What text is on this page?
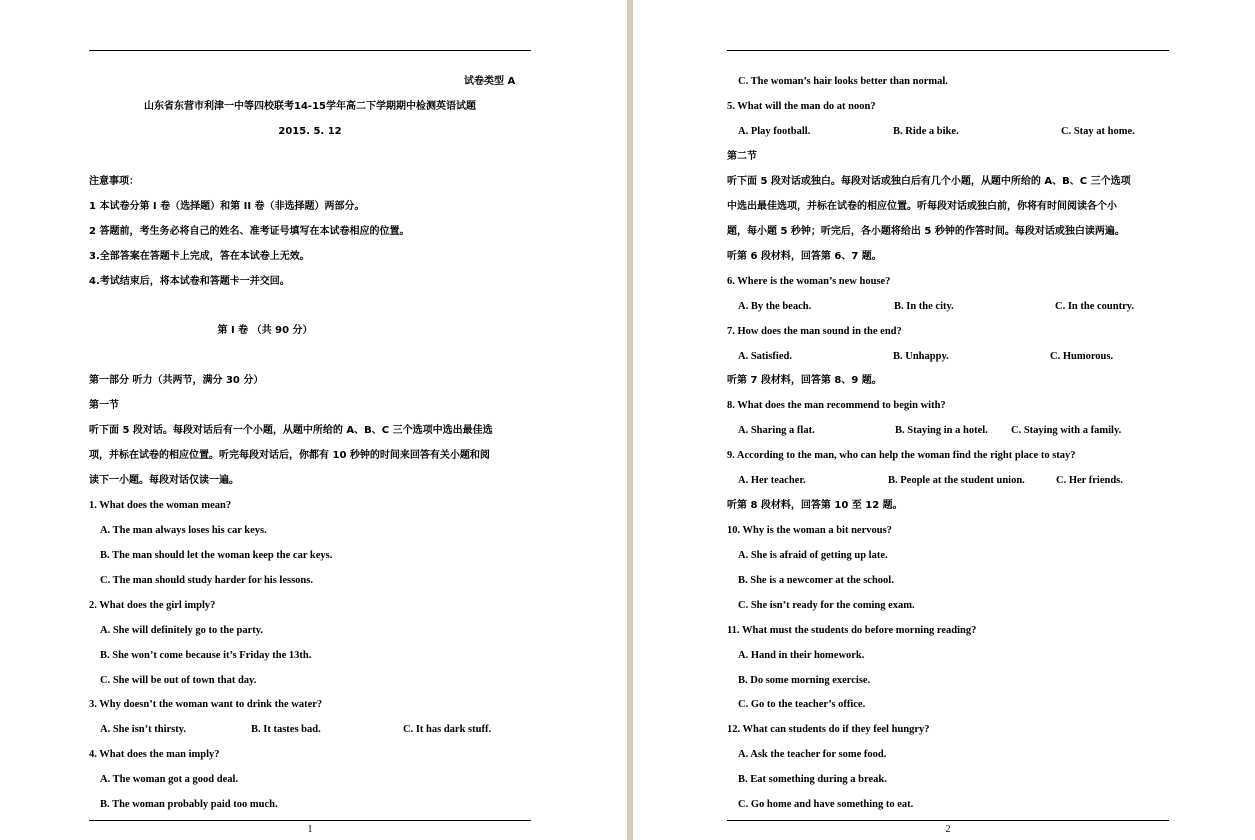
试卷类型 A
山东省东营市利津一中等四校联考14-15学年高二下学期期中检测英语试题
2015. 5. 12
注意事项：
1 本试卷分第 I 卷（选择题）和第 II 卷（非选择题）两部分。
2 答题前，考生务必将自己的姓名、准考证号填写在本试卷相应的位置。
3.全部答案在答题卡上完成，答在本试卷上无效。
4.考试结束后，将本试卷和答题卡一并交回。
第 I 卷 （共 90 分）
第一部分 听力（共两节，满分 30 分）
第一节
听下面 5 段对话。每段对话后有一个小题，从题中所给的 A、B、C 三个选项中选出最佳选
项，并标在试卷的相应位置。听完每段对话后，你都有 10 秒钟的时间来回答有关小题和阅
读下一小题。每段对话仅读一遍。
1. What does the woman mean?
A. The man always loses his car keys.
B. The man should let the woman keep the car keys.
C. The man should study harder for his lessons.
2. What does the girl imply?
A. She will definitely go to the party.
B. She won’t come because it’s Friday the 13th.
C. She will be out of town that day.
3. Why doesn’t the woman want to drink the water?
A. She isn’t thirsty.	B. It tastes bad.	C. It has dark stuff.
4. What does the man imply?
A. The woman got a good deal.
B. The woman probably paid too much.
1
C. The woman’s hair looks better than normal.
5. What will the man do at noon?
A. Play football.	B. Ride a bike.	C. Stay at home.
第二节
听下面 5 段对话或独白。每段对话或独白后有几个小题，从题中所给的 A、B、C 三个选项
中选出最佳选项，并标在试卷的相应位置。听每段对话或独白前，你将有时间阅读各个小
题，每小题 5 秒钟；听完后，各小题将给出 5 秒钟的作答时间。每段对话或独白读两遍。
听第 6 段材料，回答第 6、7 题。
6. Where is the woman’s new house?
A. By the beach.	B. In the city.	C. In the country.
7. How does the man sound in the end?
A. Satisfied.	B. Unhappy.	C. Humorous.
听第 7 段材料，回答第 8、9 题。
8. What does the man recommend to begin with?
A. Sharing a flat.	B. Staying in a hotel. C. Staying with a family.
9. According to the man, who can help the woman find the right place to stay?
A. Her teacher.	B. People at the student union.	C. Her friends.
听第 8 段材料，回答第 10 至 12 题。
10. Why is the woman a bit nervous?
A. She is afraid of getting up late.
B. She is a newcomer at the school.
C. She isn’t ready for the coming exam.
11. What must the students do before morning reading?
A. Hand in their homework.
B. Do some morning exercise.
C. Go to the teacher’s office.
12. What can students do if they feel hungry?
A. Ask the teacher for some food.
B. Eat something during a break.
C. Go home and have something to eat.
2
